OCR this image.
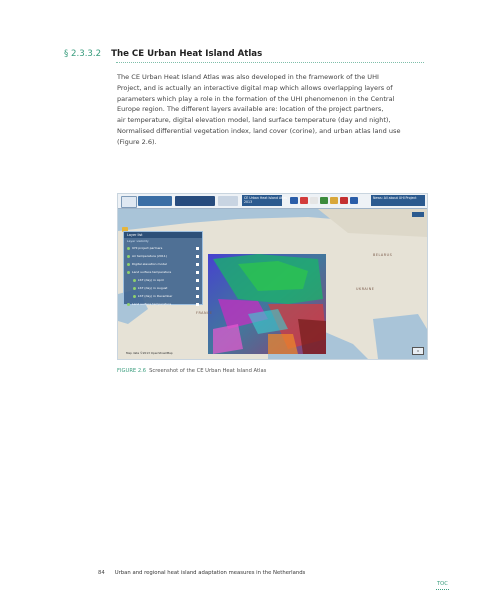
§ 2.3.3.2 The CE Urban Heat Island Atlas
The CE Urban Heat Island Atlas was also developed in the framework of the UHI
Project, and is actually an interactive digital map which allows overlapping layers of
parameters which play a role in the formation of the UHI phenomenon in the Central
Europe region. The different layers available are: location of the project partners,
air temperature, digital elevation model, land surface temperature (day and night),
Normalised differential vegetation index, land cover (corine), and urban atlas land use
(Figure 2.6).
CE Urban Heat Island Atlas
2013
News: All about UHI Project
Layer list
Layer visibility
UHI project partners
Air temperature (2011)
Digital elevation model
Land surface temperature
LST (day) in April
LST (day) in August
LST (day) in December
Land surface temperature
BELARUS
UKRAINE
FRANCE
Map data ©2013 OpenStreetMap	±
FIGURE 2.6 Screenshot of the CE Urban Heat Island Atlas
84 Urban and regional heat island adaptation measures in the Netherlands
TOC
